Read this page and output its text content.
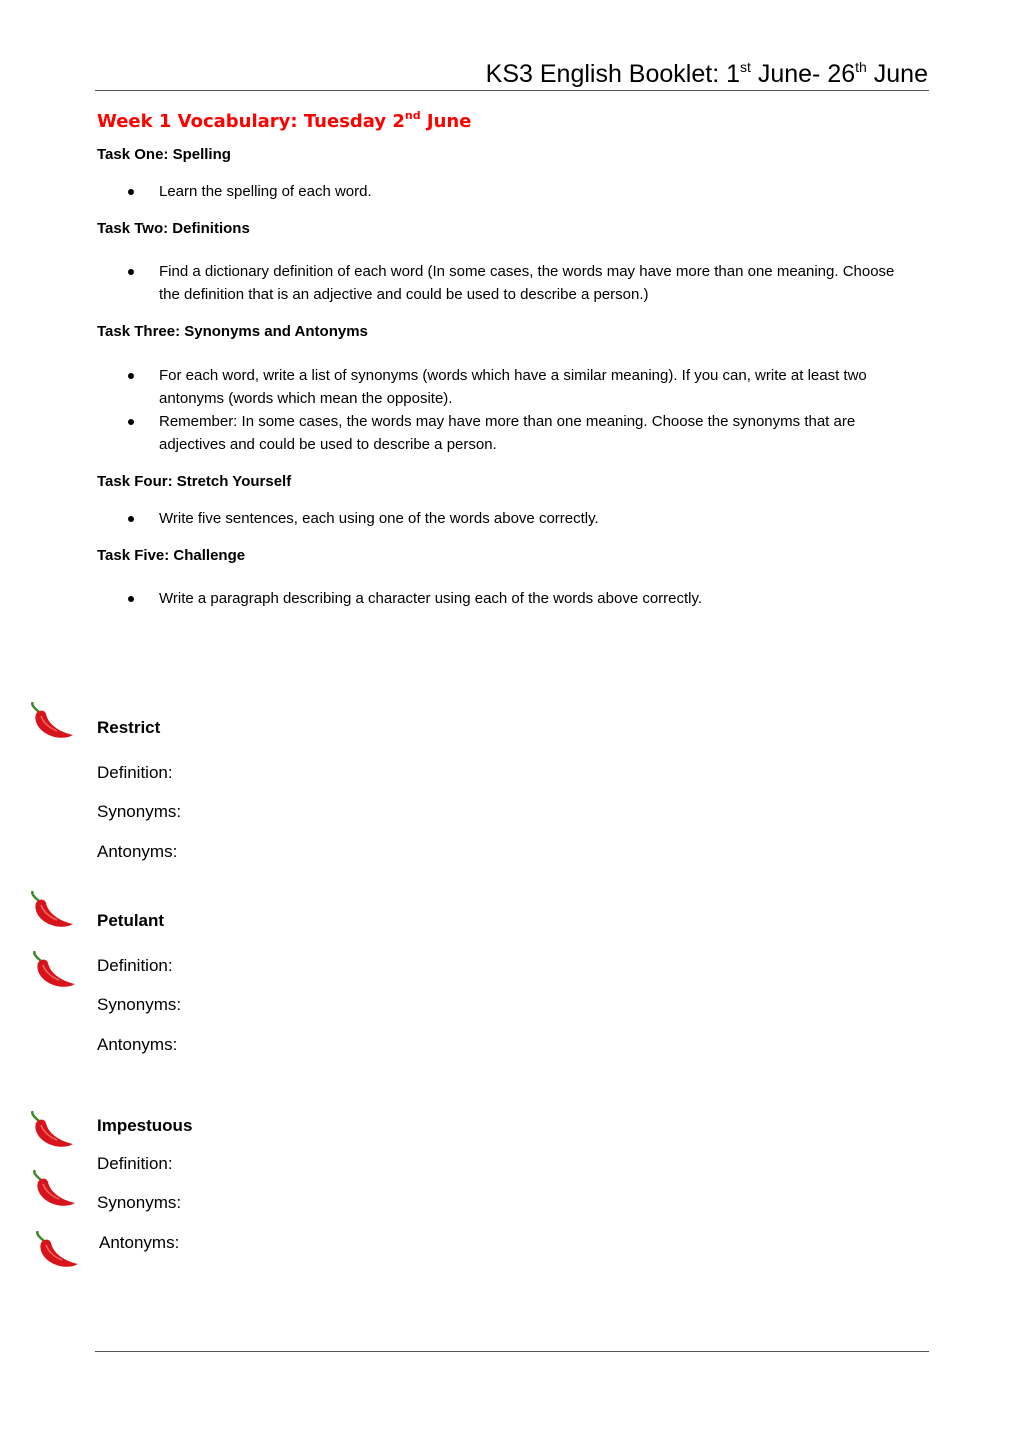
KS3 English Booklet: 1st June- 26th June
Week 1 Vocabulary: Tuesday 2nd June
Task One: Spelling
Learn the spelling of each word.
Task Two: Definitions
Find a dictionary definition of each word (In some cases, the words may have more than one meaning. Choose the definition that is an adjective and could be used to describe a person.)
Task Three: Synonyms and Antonyms
For each word, write a list of synonyms (words which have a similar meaning). If you can, write at least two antonyms (words which mean the opposite).
Remember: In some cases, the words may have more than one meaning. Choose the synonyms that are adjectives and could be used to describe a person.
Task Four: Stretch Yourself
Write five sentences, each using one of the words above correctly.
Task Five: Challenge
Write a paragraph describing a character using each of the words above correctly.
Restrict
Definition:
Synonyms:
Antonyms:
Petulant
Definition:
Synonyms:
Antonyms:
Impestuous
Definition:
Synonyms:
Antonyms:
